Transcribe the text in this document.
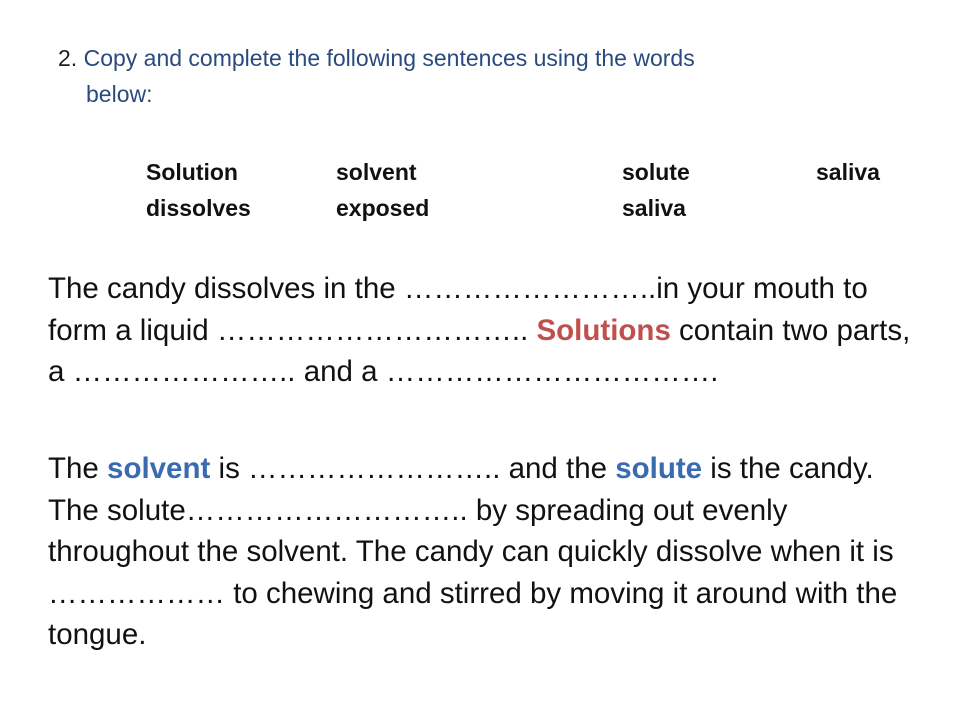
2. Copy and complete the following sentences using the words
below:
Solution	solvent	solute	saliva
dissolves	exposed	saliva

The candy dissolves in the ……………………..in your mouth to form a liquid ………………………….. Solutions contain two parts, a ………………….. and a …………………………….

The solvent is …………………….. and the solute is the candy. The solute……………………….. by spreading out evenly throughout the solvent. The candy can quickly dissolve when it is ……………… to chewing and stirred by moving it around with the tongue.
